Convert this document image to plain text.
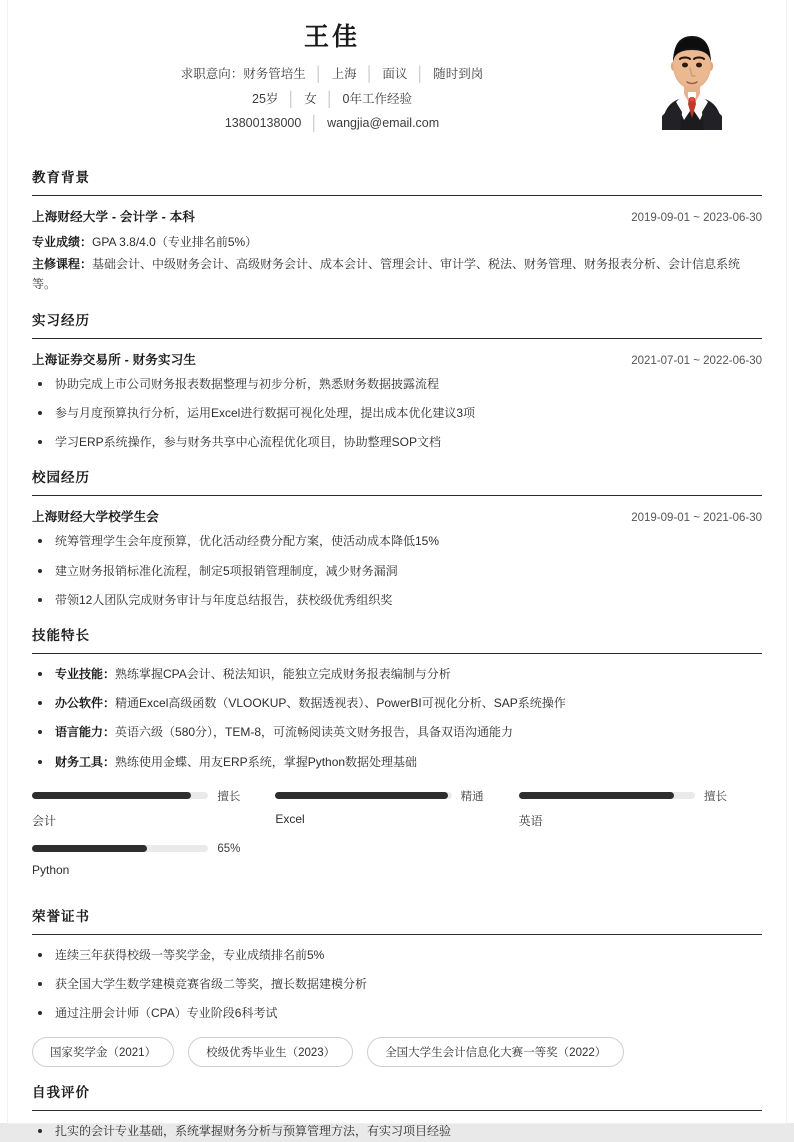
王佳
求职意向：财务管培生 │ 上海 │ 面议 │ 随时到岗
25岁 │ 女 │ 0年工作经验
13800138000 │ wangjia@email.com
教育背景
上海财经大学 - 会计学 - 本科	2019-09-01 ~ 2023-06-30
专业成绩：GPA 3.8/4.0（专业排名前5%）
主修课程：基础会计、中级财务会计、高级财务会计、成本会计、管理会计、审计学、税法、财务管理、财务报表分析、会计信息系统等。
实习经历
上海证券交易所 - 财务实习生	2021-07-01 ~ 2022-06-30
协助完成上市公司财务报表数据整理与初步分析，熟悉财务数据披露流程
参与月度预算执行分析，运用Excel进行数据可视化处理，提出成本优化建议3项
学习ERP系统操作，参与财务共享中心流程优化项目，协助整理SOP文档
校园经历
上海财经大学校学生会	2019-09-01 ~ 2021-06-30
统筹管理学生会年度预算，优化活动经费分配方案，使活动成本降低15%
建立财务报销标准化流程，制定5项报销管理制度，减少财务漏洞
带领12人团队完成财务审计与年度总结报告，获校级优秀组织奖
技能特长
专业技能：熟练掌握CPA会计、税法知识，能独立完成财务报表编制与分析
办公软件：精通Excel高级函数（VLOOKUP、数据透视表）、PowerBI可视化分析、SAP系统操作
语言能力：英语六级（580分），TEM-8，可流畅阅读英文财务报告，具备双语沟通能力
财务工具：熟练使用金蝶、用友ERP系统，掌握Python数据处理基础
擅长
会计
精通
Excel
擅长
英语
65%
Python
荣誉证书
连续三年获得校级一等奖学金，专业成绩排名前5%
获全国大学生数学建模竞赛省级二等奖，擅长数据建模分析
通过注册会计师（CPA）专业阶段6科考试
国家奖学金（2021）	校级优秀毕业生（2023）	全国大学生会计信息化大赛一等奖（2022）
自我评价
扎实的会计专业基础，系统掌握财务分析与预算管理方法，有实习项目经验
